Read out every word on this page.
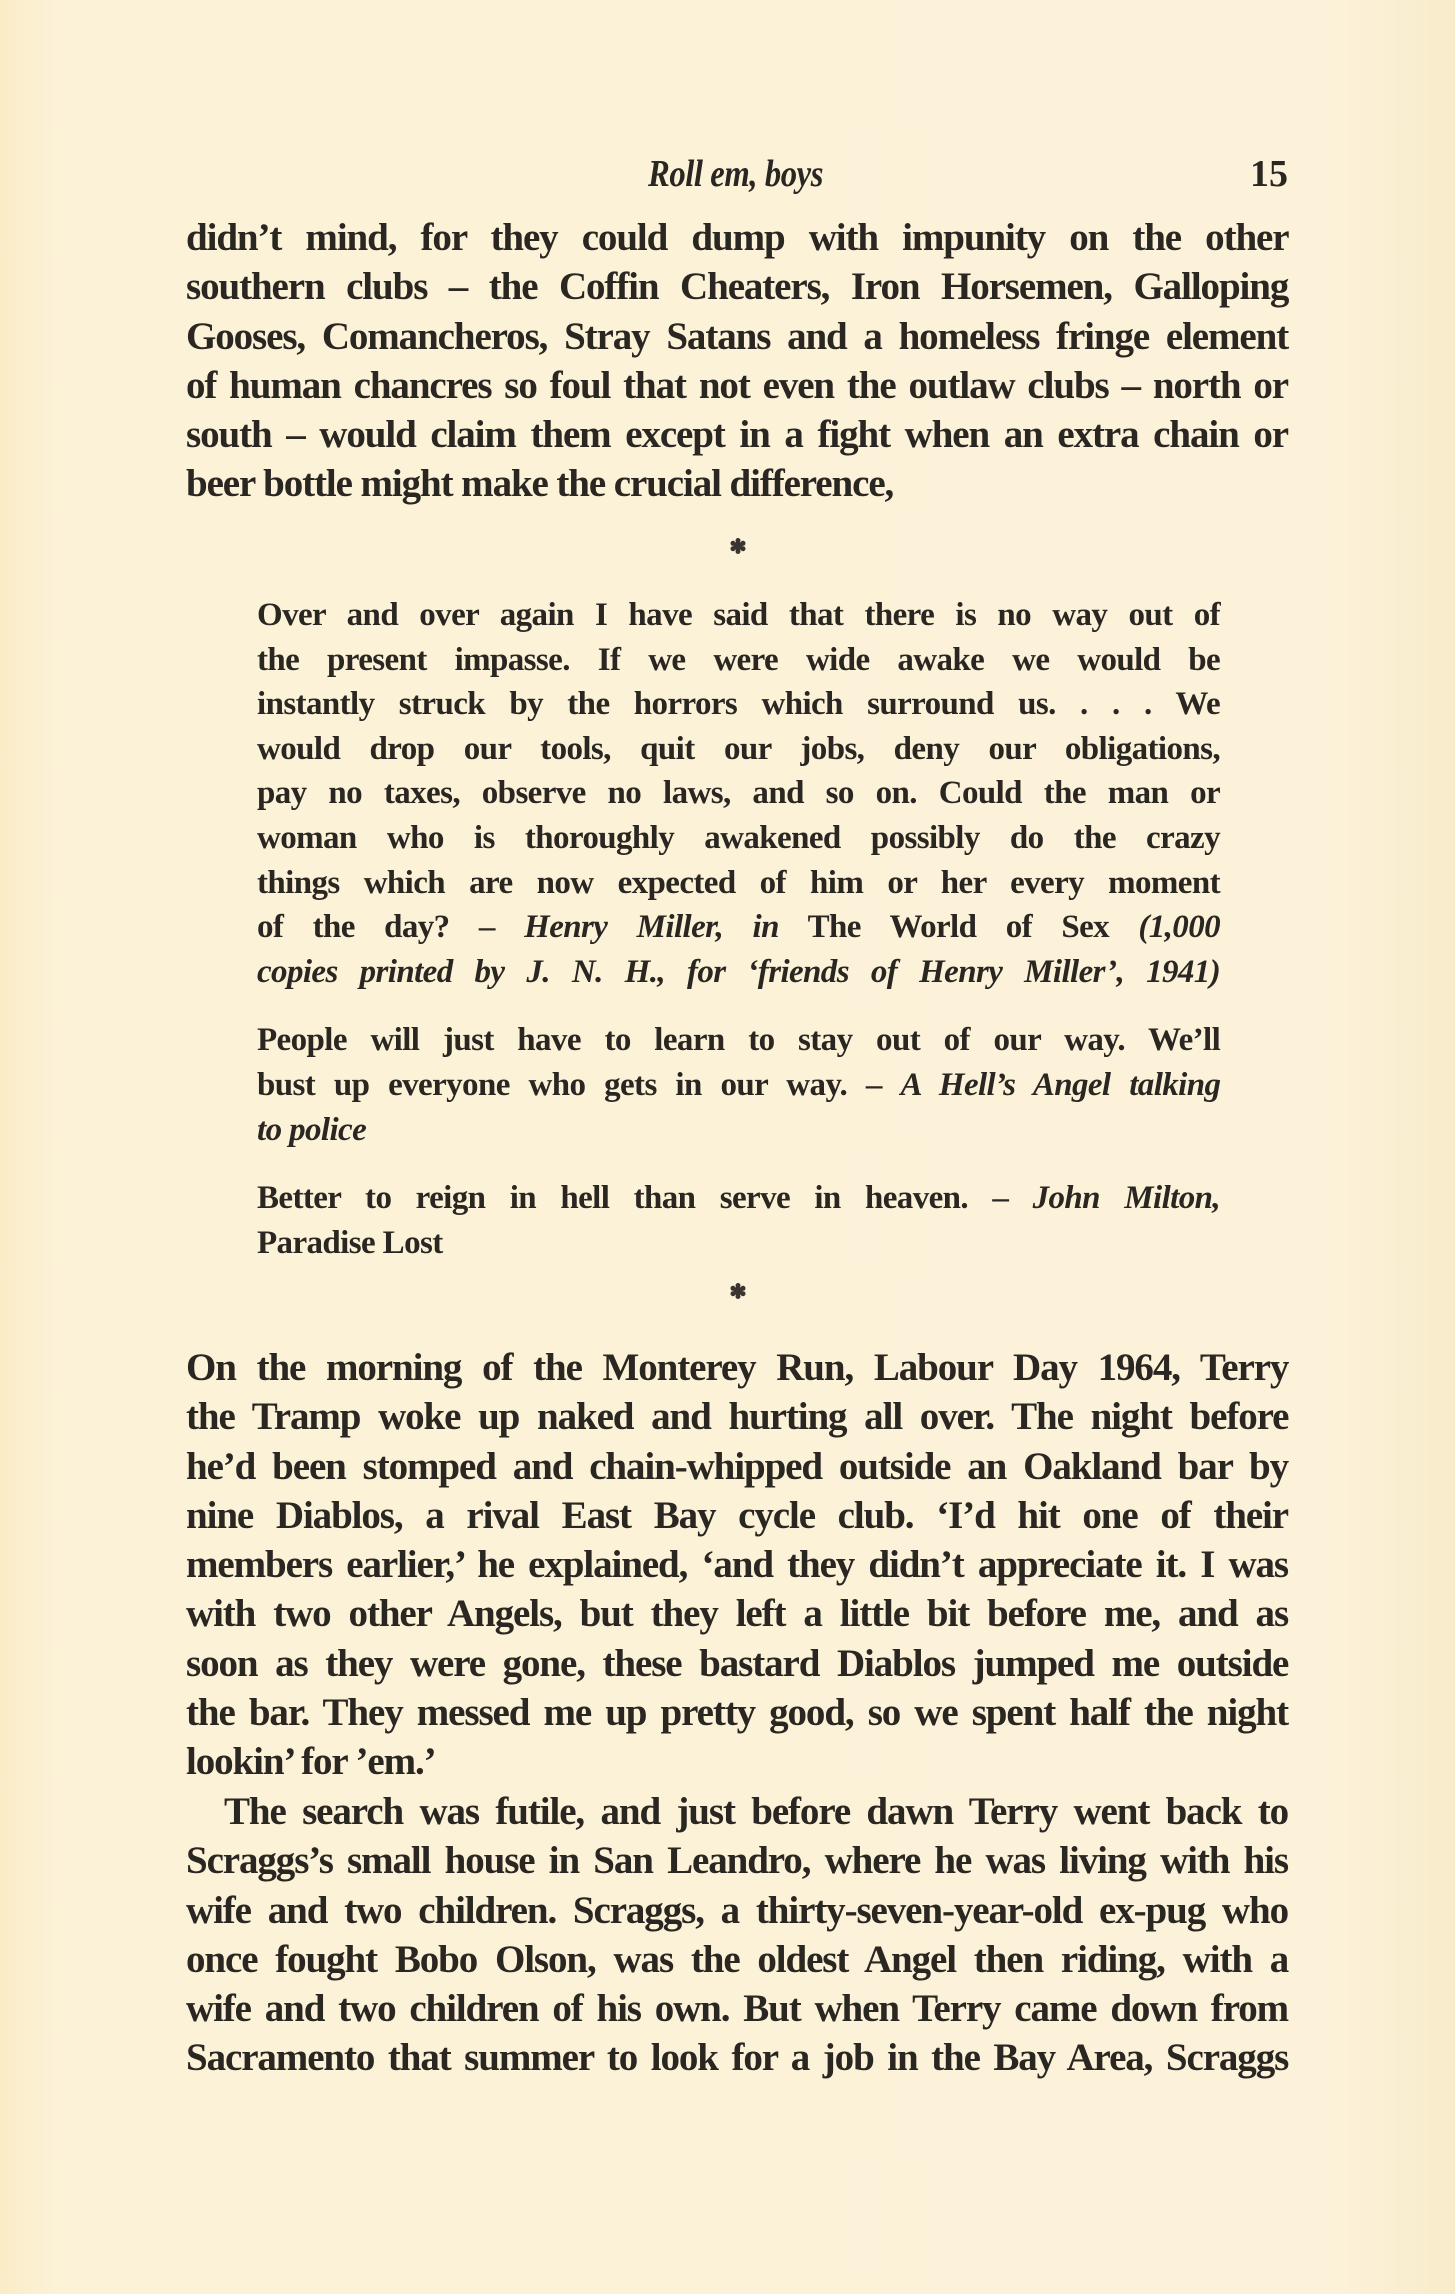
Roll em, boys	15
didn’t mind, for they could dump with impunity on the other
southern clubs – the Coffin Cheaters, Iron Horsemen, Galloping
Gooses, Comancheros, Stray Satans and a homeless fringe element
of human chancres so foul that not even the outlaw clubs – north or
south – would claim them except in a fight when an extra chain or
beer bottle might make the crucial difference,
Over and over again I have said that there is no way out of
the present impasse. If we were wide awake we would be
instantly struck by the horrors which surround us. . . . We
would drop our tools, quit our jobs, deny our obligations,
pay no taxes, observe no laws, and so on. Could the man or
woman who is thoroughly awakened possibly do the crazy
things which are now expected of him or her every moment
of the day? – Henry Miller, in The World of Sex (1,000
copies printed by J. N. H., for ‘friends of Henry Miller’, 1941)
People will just have to learn to stay out of our way. We’ll
bust up everyone who gets in our way. – A Hell’s Angel talking
to police
Better to reign in hell than serve in heaven. – John Milton,
Paradise Lost
On the morning of the Monterey Run, Labour Day 1964, Terry
the Tramp woke up naked and hurting all over. The night before
he’d been stomped and chain-whipped outside an Oakland bar by
nine Diablos, a rival East Bay cycle club. ‘I’d hit one of their
members earlier,’ he explained, ‘and they didn’t appreciate it. I was
with two other Angels, but they left a little bit before me, and as
soon as they were gone, these bastard Diablos jumped me outside
the bar. They messed me up pretty good, so we spent half the night
lookin’ for ’em.’
The search was futile, and just before dawn Terry went back to
Scraggs’s small house in San Leandro, where he was living with his
wife and two children. Scraggs, a thirty-seven-year-old ex-pug who
once fought Bobo Olson, was the oldest Angel then riding, with a
wife and two children of his own. But when Terry came down from
Sacramento that summer to look for a job in the Bay Area, Scraggs
